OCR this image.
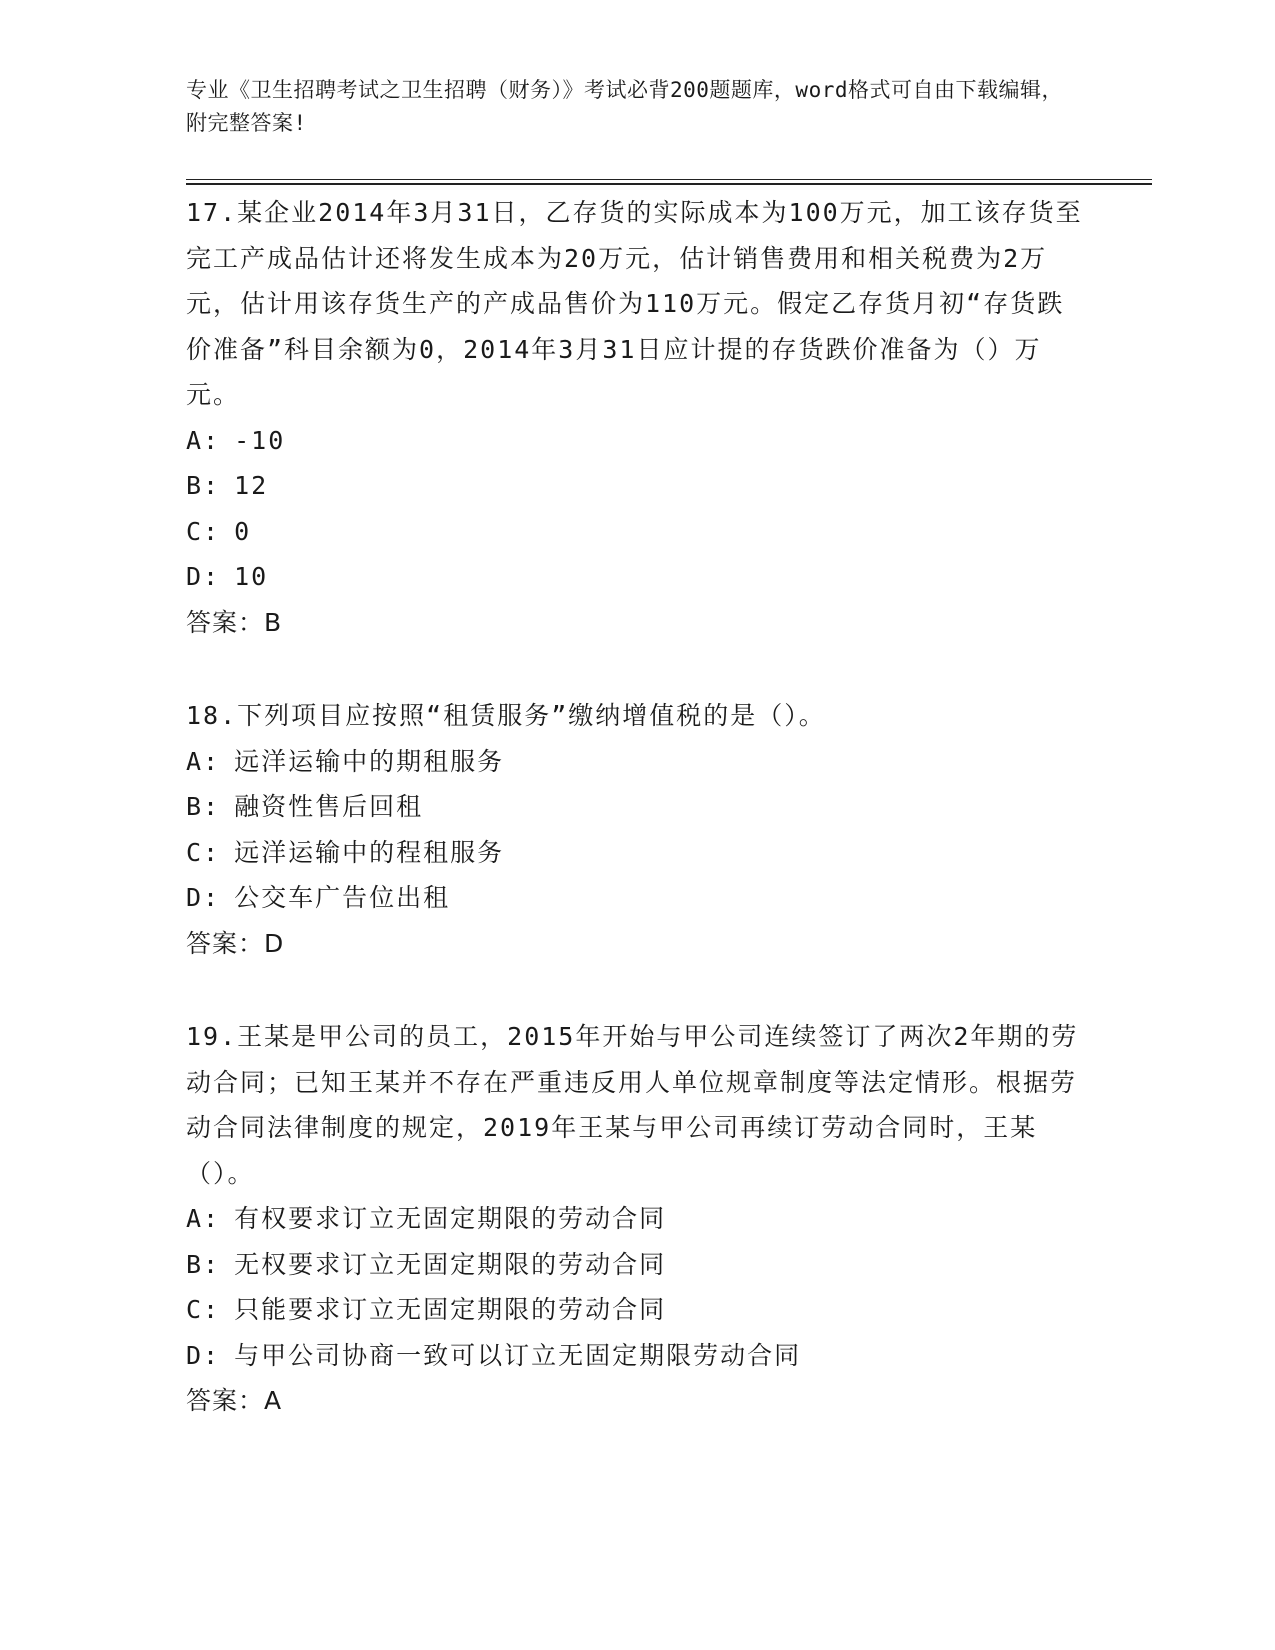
专业《卫生招聘考试之卫生招聘（财务）》考试必背200题题库，word格式可自由下载编辑，附完整答案!
17.某企业2014年3月31日，乙存货的实际成本为100万元，加工该存货至完工产成品估计还将发生成本为20万元，估计销售费用和相关税费为2万元，估计用该存货生产的产成品售价为110万元。假定乙存货月初“存货跌价准备”科目余额为0，2014年3月31日应计提的存货跌价准备为（）万元。
A: -10
B: 12
C: 0
D: 10
答案：B
18.下列项目应按照“租赁服务”缴纳增值税的是（）。
A: 远洋运输中的期租服务
B: 融资性售后回租
C: 远洋运输中的程租服务
D: 公交车广告位出租
答案：D
19.王某是甲公司的员工，2015年开始与甲公司连续签订了两次2年期的劳动合同；已知王某并不存在严重违反用人单位规章制度等法定情形。根据劳动合同法律制度的规定，2019年王某与甲公司再续订劳动合同时，王某（）。
A: 有权要求订立无固定期限的劳动合同
B: 无权要求订立无固定期限的劳动合同
C: 只能要求订立无固定期限的劳动合同
D: 与甲公司协商一致可以订立无固定期限劳动合同
答案：A
